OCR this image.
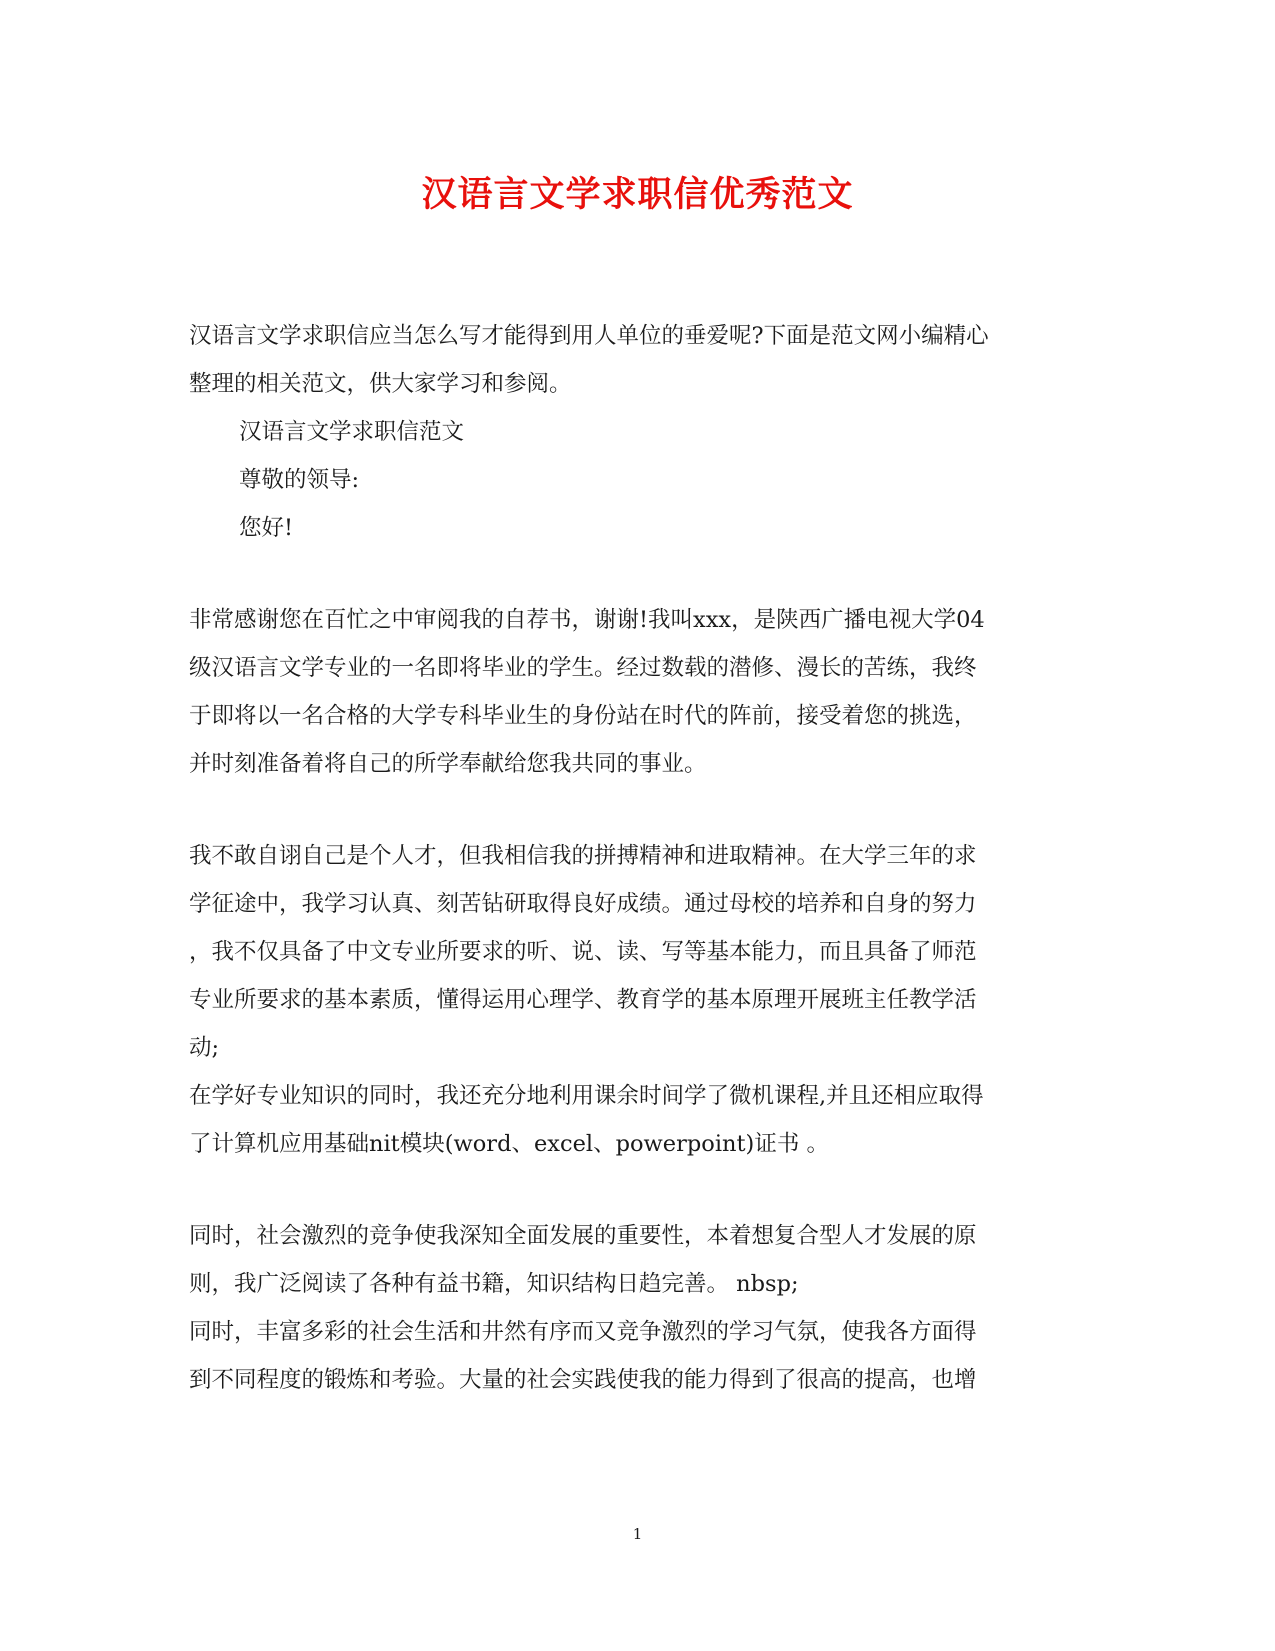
汉语言文学求职信优秀范文
汉语言文学求职信应当怎么写才能得到用人单位的垂爱呢?下面是范文网小编精心
整理的相关范文，供大家学习和参阅。
汉语言文学求职信范文
尊敬的领导:
您好!
非常感谢您在百忙之中审阅我的自荐书，谢谢!我叫xxx，是陕西广播电视大学04
级汉语言文学专业的一名即将毕业的学生。经过数载的潜修、漫长的苦练，我终
于即将以一名合格的大学专科毕业生的身份站在时代的阵前，接受着您的挑选，
并时刻准备着将自己的所学奉献给您我共同的事业。
我不敢自诩自己是个人才，但我相信我的拼搏精神和进取精神。在大学三年的求
学征途中，我学习认真、刻苦钻研取得良好成绩。通过母校的培养和自身的努力
，我不仅具备了中文专业所要求的听、说、读、写等基本能力，而且具备了师范
专业所要求的基本素质，懂得运用心理学、教育学的基本原理开展班主任教学活
动;
在学好专业知识的同时，我还充分地利用课余时间学了微机课程,并且还相应取得
了计算机应用基础nit模块(word、excel、powerpoint)证书 。
同时，社会激烈的竞争使我深知全面发展的重要性，本着想复合型人才发展的原
则，我广泛阅读了各种有益书籍，知识结构日趋完善。 nbsp;
同时，丰富多彩的社会生活和井然有序而又竞争激烈的学习气氛，使我各方面得
到不同程度的锻炼和考验。大量的社会实践使我的能力得到了很高的提高，也增
1
